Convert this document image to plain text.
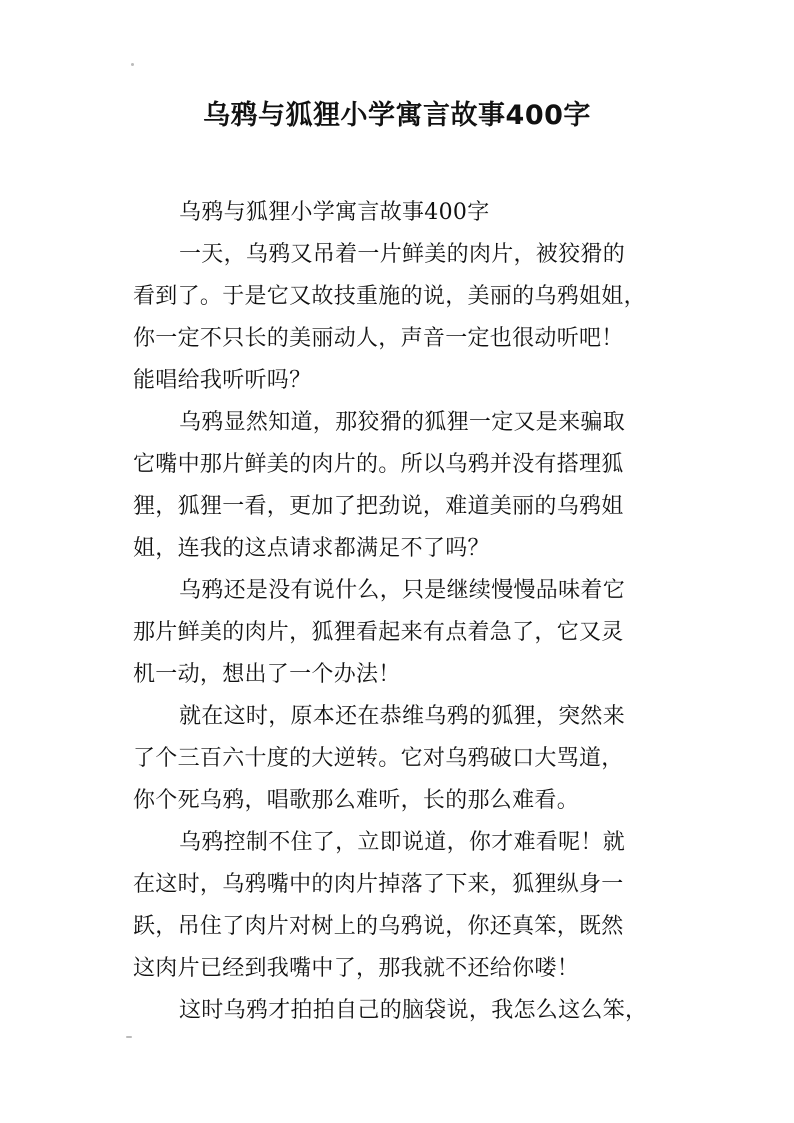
乌鸦与狐狸小学寓言故事400字
乌鸦与狐狸小学寓言故事400字
一天，乌鸦又吊着一片鲜美的肉片，被狡猾的
看到了。于是它又故技重施的说，美丽的乌鸦姐姐，
你一定不只长的美丽动人，声音一定也很动听吧！
能唱给我听听吗？
乌鸦显然知道，那狡猾的狐狸一定又是来骗取
它嘴中那片鲜美的肉片的。所以乌鸦并没有搭理狐
狸，狐狸一看，更加了把劲说，难道美丽的乌鸦姐
姐，连我的这点请求都满足不了吗？
乌鸦还是没有说什么，只是继续慢慢品味着它
那片鲜美的肉片，狐狸看起来有点着急了，它又灵
机一动，想出了一个办法！
就在这时，原本还在恭维乌鸦的狐狸，突然来
了个三百六十度的大逆转。它对乌鸦破口大骂道，
你个死乌鸦，唱歌那么难听，长的那么难看。
乌鸦控制不住了，立即说道，你才难看呢！就
在这时，乌鸦嘴中的肉片掉落了下来，狐狸纵身一
跃，吊住了肉片对树上的乌鸦说，你还真笨，既然
这肉片已经到我嘴中了，那我就不还给你喽！
这时乌鸦才拍拍自己的脑袋说，我怎么这么笨，
